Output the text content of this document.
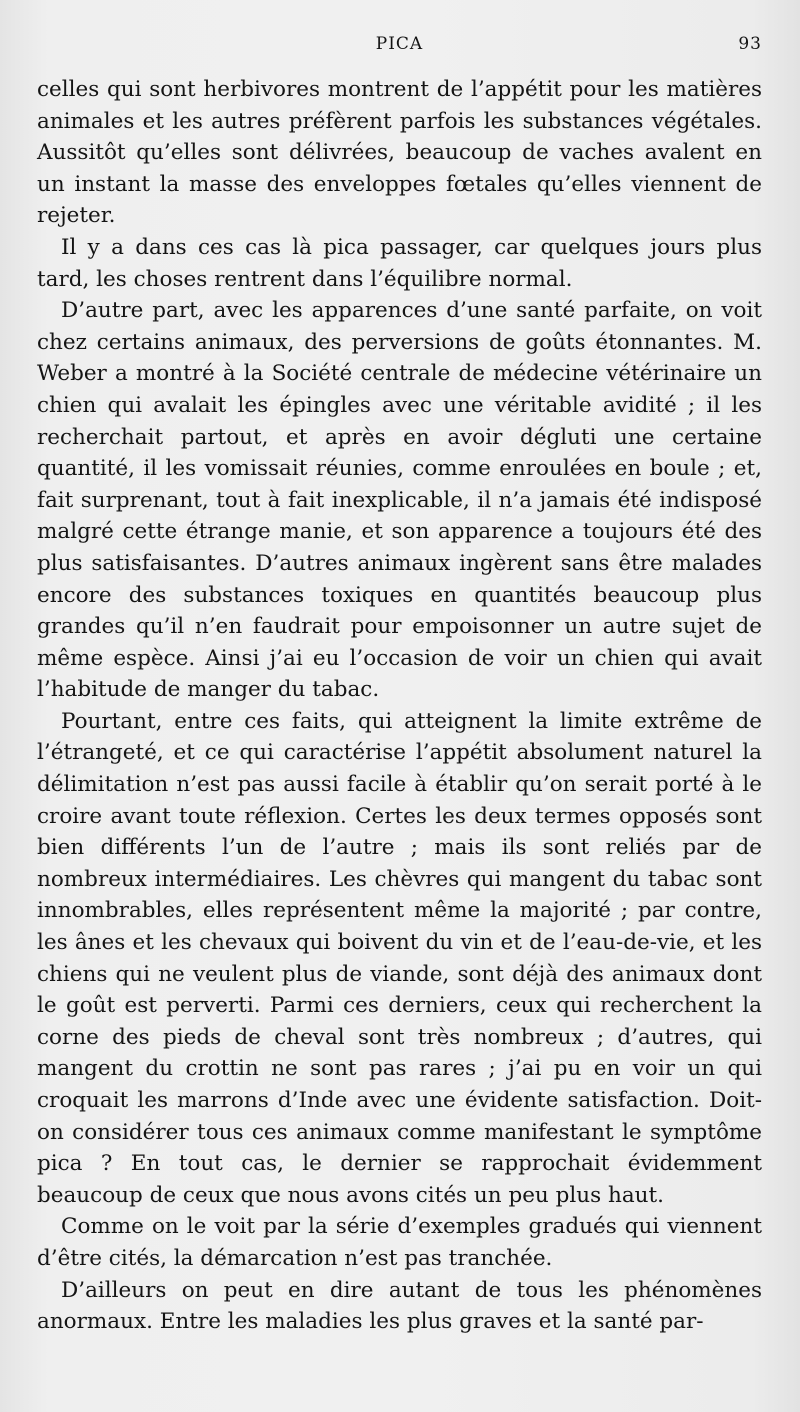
PICA	93

celles qui sont herbivores montrent de l’appétit pour les matières animales et les autres préfèrent parfois les substances végétales. Aussitôt qu’elles sont délivrées, beaucoup de vaches avalent en un instant la masse des enveloppes fœtales qu’elles viennent de rejeter.

Il y a dans ces cas là pica passager, car quelques jours plus tard, les choses rentrent dans l’équilibre normal.

D’autre part, avec les apparences d’une santé parfaite, on voit chez certains animaux, des perversions de goûts étonnantes. M. Weber a montré à la Société centrale de médecine vétérinaire un chien qui avalait les épingles avec une véritable avidité ; il les recherchait partout, et après en avoir dégluti une certaine quantité, il les vomissait réunies, comme enroulées en boule ; et, fait surprenant, tout à fait inexplicable, il n’a jamais été indisposé malgré cette étrange manie, et son apparence a toujours été des plus satisfaisantes. D’autres animaux ingèrent sans être malades encore des substances toxiques en quantités beaucoup plus grandes qu’il n’en faudrait pour empoisonner un autre sujet de même espèce. Ainsi j’ai eu l’occasion de voir un chien qui avait l’habitude de manger du tabac.

Pourtant, entre ces faits, qui atteignent la limite extrême de l’étrangeté, et ce qui caractérise l’appétit absolument naturel la délimitation n’est pas aussi facile à établir qu’on serait porté à le croire avant toute réflexion. Certes les deux termes opposés sont bien différents l’un de l’autre ; mais ils sont reliés par de nombreux intermédiaires. Les chèvres qui mangent du tabac sont innombrables, elles représentent même la majorité ; par contre, les ânes et les chevaux qui boivent du vin et de l’eau-de-vie, et les chiens qui ne veulent plus de viande, sont déjà des animaux dont le goût est perverti. Parmi ces derniers, ceux qui recherchent la corne des pieds de cheval sont très nombreux ; d’autres, qui mangent du crottin ne sont pas rares ; j’ai pu en voir un qui croquait les marrons d’Inde avec une évidente satisfaction. Doit-on considérer tous ces animaux comme manifestant le symptôme pica ? En tout cas, le dernier se rapprochait évidemment beaucoup de ceux que nous avons cités un peu plus haut.

Comme on le voit par la série d’exemples gradués qui viennent d’être cités, la démarcation n’est pas tranchée.

D’ailleurs on peut en dire autant de tous les phénomènes anormaux. Entre les maladies les plus graves et la santé par-
